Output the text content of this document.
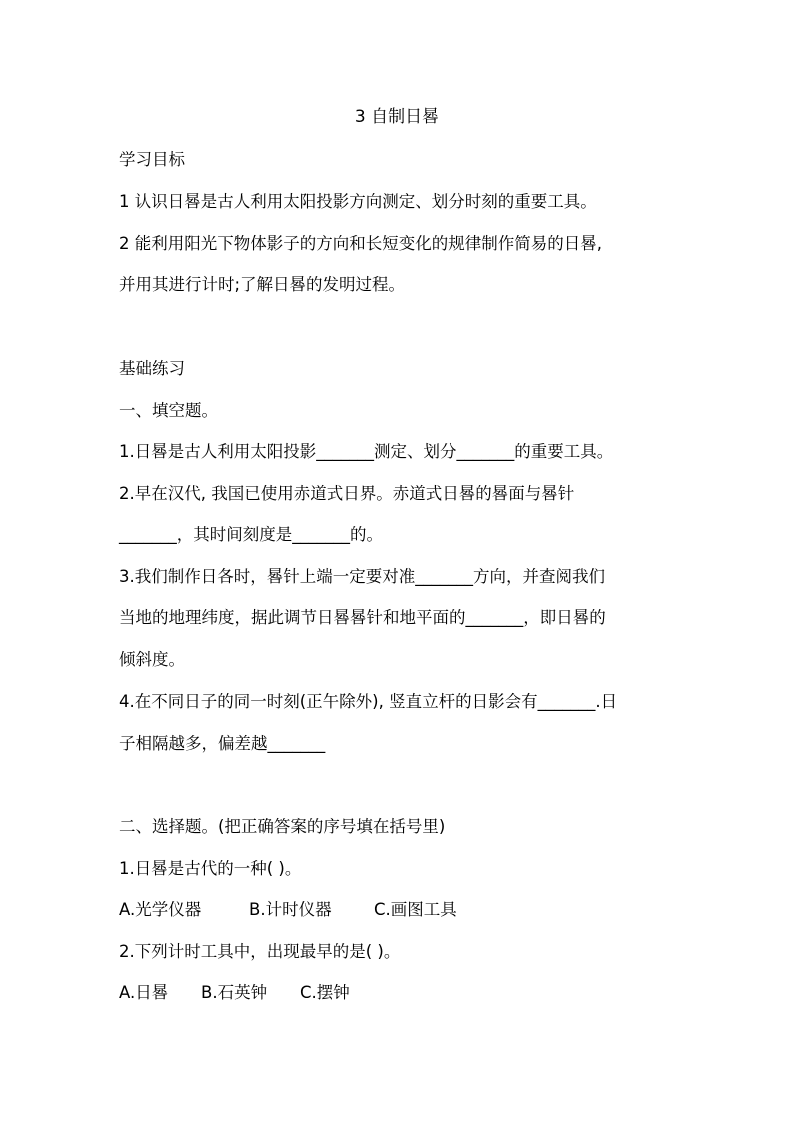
3 自制日晷
学习目标
1 认识日晷是古人利用太阳投影方向测定、划分时刻的重要工具。
2 能利用阳光下物体影子的方向和长短变化的规律制作简易的日晷,
并用其进行计时;了解日晷的发明过程。
基础练习
一、填空题。
1.日晷是古人利用太阳投影_______测定、划分_______的重要工具。
2.早在汉代, 我国已使用赤道式日界。赤道式日晷的晷面与晷针
_______，其时间刻度是_______的。
3.我们制作日各时，晷针上端一定要对准_______方向，并查阅我们
当地的地理纬度，据此调节日晷晷针和地平面的_______，即日晷的
倾斜度。
4.在不同日子的同一时刻(正午除外), 竖直立杆的日影会有_______.日
子相隔越多，偏差越_______
二、选择题。(把正确答案的序号填在括号里)
1.日晷是古代的一种( )。
A.光学仪器	B.计时仪器	C.画图工具
2.下列计时工具中，出现最早的是( )。
A.日晷 B.石英钟 C.摆钟
